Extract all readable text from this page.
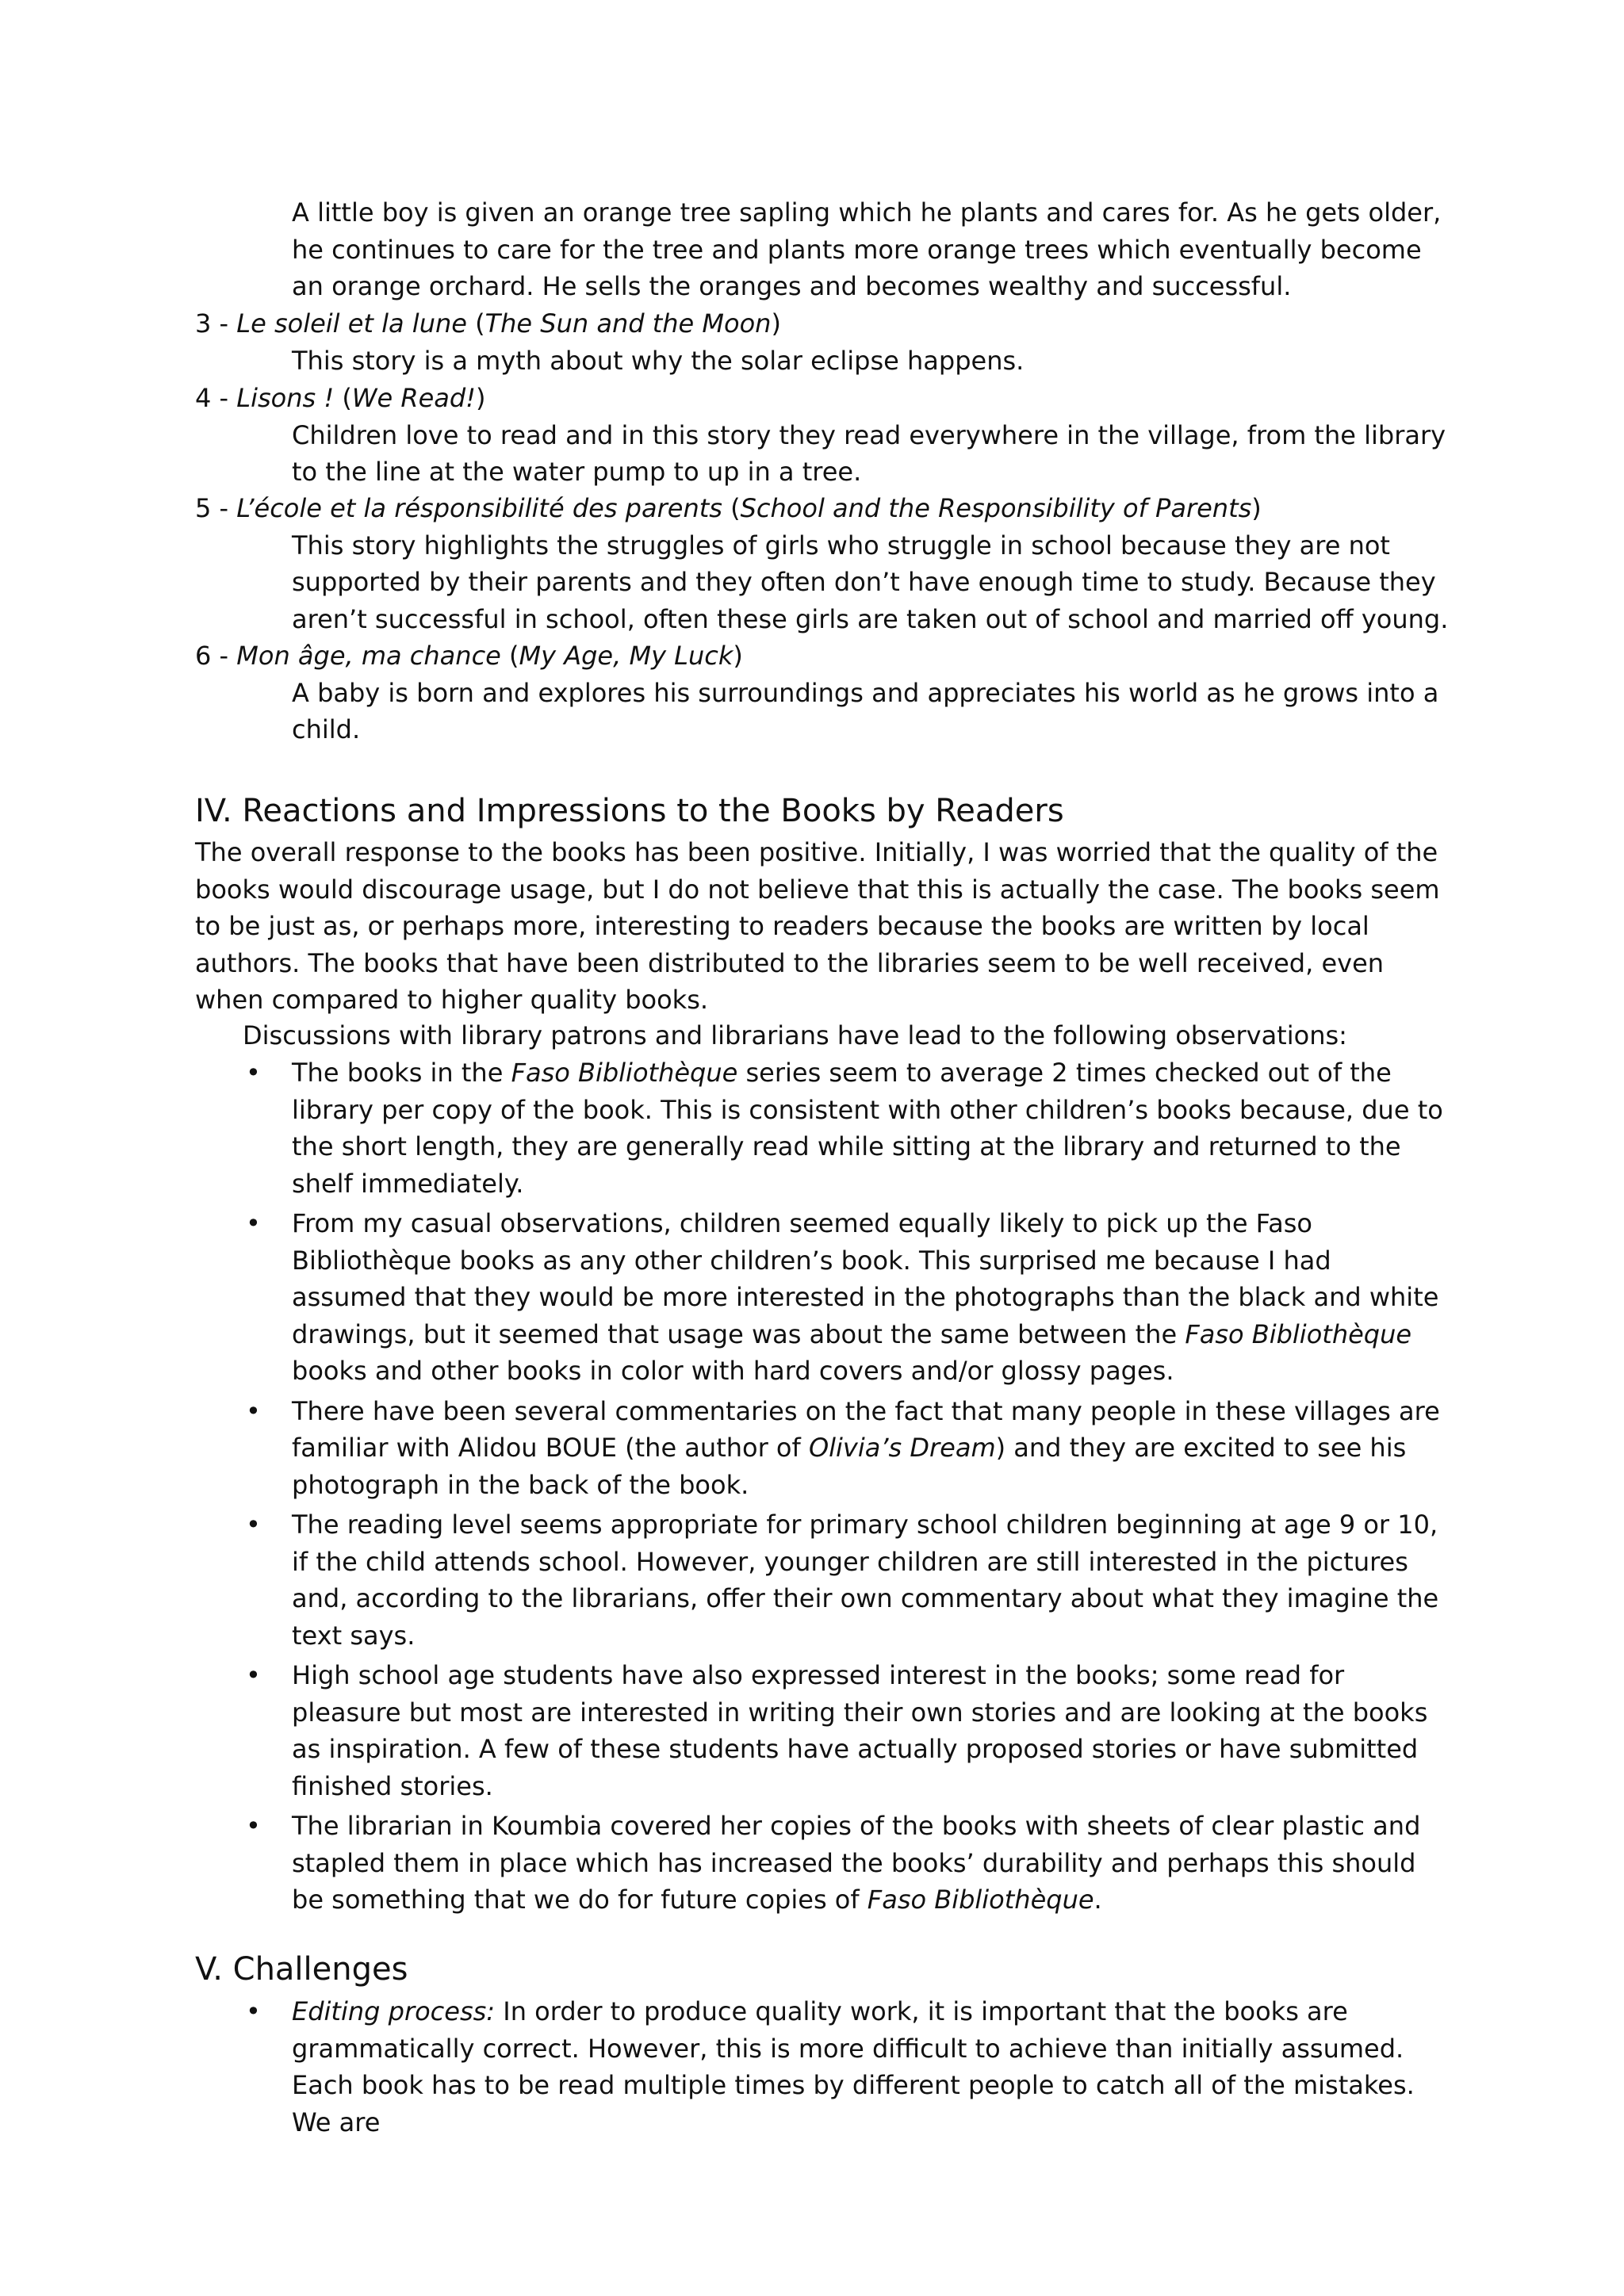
A little boy is given an orange tree sapling which he plants and cares for. As he gets older, he continues to care for the tree and plants more orange trees which eventually become an orange orchard. He sells the oranges and becomes wealthy and successful.

3 - Le soleil et la lune (The Sun and the Moon)
This story is a myth about why the solar eclipse happens.
4 - Lisons ! (We Read!)
Children love to read and in this story they read everywhere in the village, from the library to the line at the water pump to up in a tree.
5 - L’école et la résponsibilité des parents (School and the Responsibility of Parents)
This story highlights the struggles of girls who struggle in school because they are not supported by their parents and they often don’t have enough time to study. Because they aren’t successful in school, often these girls are taken out of school and married off young.
6 - Mon âge, ma chance (My Age, My Luck)
A baby is born and explores his surroundings and appreciates his world as he grows into a child.
IV. Reactions and Impressions to the Books by Readers

The overall response to the books has been positive. Initially, I was worried that the quality of the books would discourage usage, but I do not believe that this is actually the case. The books seem to be just as, or perhaps more, interesting to readers because the books are written by local authors. The books that have been distributed to the libraries seem to be well received, even when compared to higher quality books.

Discussions with library patrons and librarians have lead to the following observations:

• The books in the Faso Bibliothèque series seem to average 2 times checked out of the library per copy of the book. This is consistent with other children’s books because, due to the short length, they are generally read while sitting at the library and returned to the shelf immediately.
• From my casual observations, children seemed equally likely to pick up the Faso Bibliothèque books as any other children’s book. This surprised me because I had assumed that they would be more interested in the photographs than the black and white drawings, but it seemed that usage was about the same between the Faso Bibliothèque books and other books in color with hard covers and/or glossy pages.
• There have been several commentaries on the fact that many people in these villages are familiar with Alidou BOUE (the author of Olivia’s Dream) and they are excited to see his photograph in the back of the book.
• The reading level seems appropriate for primary school children beginning at age 9 or 10, if the child attends school. However, younger children are still interested in the pictures and, according to the librarians, offer their own commentary about what they imagine the text says.
• High school age students have also expressed interest in the books; some read for pleasure but most are interested in writing their own stories and are looking at the books as inspiration. A few of these students have actually proposed stories or have submitted finished stories.
• The librarian in Koumbia covered her copies of the books with sheets of clear plastic and stapled them in place which has increased the books’ durability and perhaps this should be something that we do for future copies of Faso Bibliothèque.
V. Challenges
• Editing process: In order to produce quality work, it is important that the books are grammatically correct. However, this is more difficult to achieve than initially assumed. Each book has to be read multiple times by different people to catch all of the mistakes. We are
